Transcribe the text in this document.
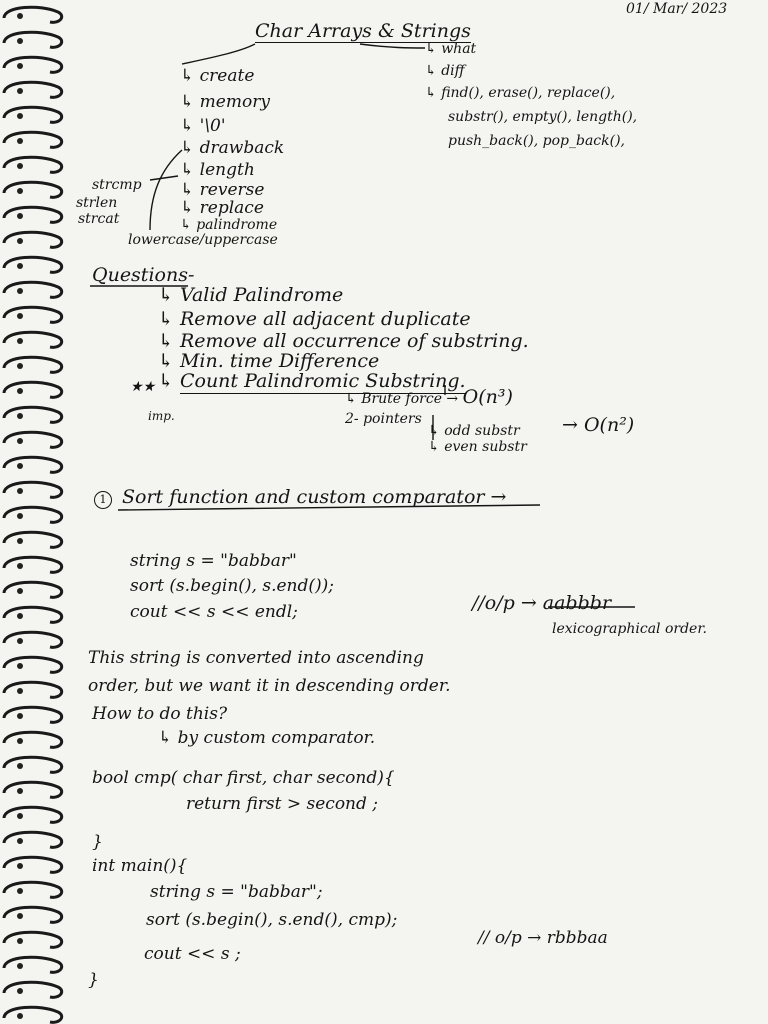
01/ Mar/ 2023
Char Arrays & Strings
↳ create
↳ memory
↳ '\0'
↳ drawback
↳ length
↳ reverse
↳ replace
↳ palindrome
strcmp
strlen
strcat
lowercase/uppercase
↳ what
↳ diff
↳ find(), erase(), replace(),
substr(), empty(), length(),
push_back(), pop_back(),
Questions-
↳ Valid Palindrome
↳ Remove all adjacent duplicate
↳ Remove all occurrence of substring.
↳ Min. time Difference
↳ Count Palindromic Substring.
★★
imp.
↳ Brute force → O(n³)
2- pointers
↳ odd substr
↳ even substr
→ O(n²)
1 Sort function and custom comparator →
string s = "babbar"
sort (s.begin(), s.end());
cout << s << endl;	//o/p → aabbbr
lexicographical order.
This string is converted into ascending
order, but we want it in descending order.
How to do this?
↳ by custom comparator.
bool cmp( char first, char second){
return first > second ;
}
int main(){
string s = "babbar";
sort (s.begin(), s.end(), cmp);
cout << s ;
}
// o/p → rbbbaa
